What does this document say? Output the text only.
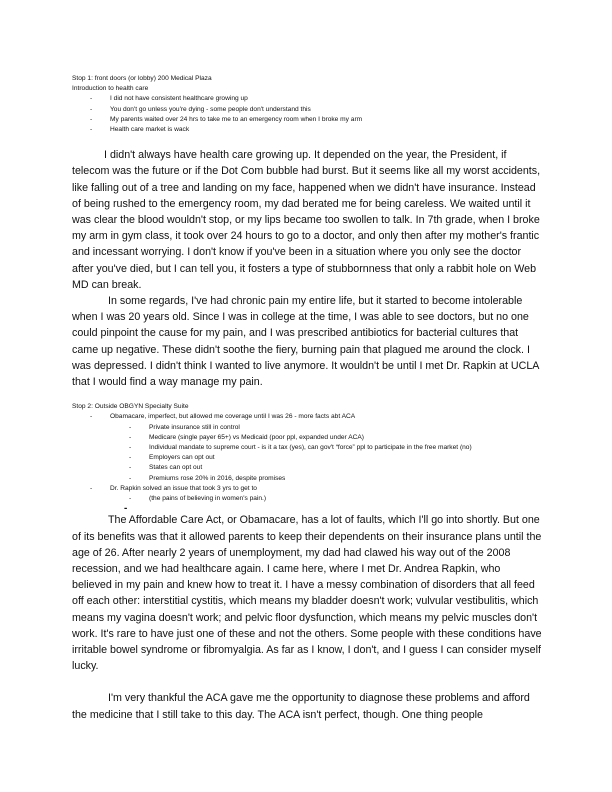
Stop 1: front doors (or lobby) 200 Medical Plaza
Introduction to health care
-	I did not have consistent healthcare growing up
-	You don't go unless you're dying - some people don't understand this
-	My parents waited over 24 hrs to take me to an emergency room when I broke my arm
-	Health care market is wack

I didn't always have health care growing up. It depended on the year, the President, if telecom was the future or if the Dot Com bubble had burst. But it seems like all my worst accidents, like falling out of a tree and landing on my face, happened when we didn't have insurance. Instead of being rushed to the emergency room, my dad berated me for being careless. We waited until it was clear the blood wouldn't stop, or my lips became too swollen to talk. In 7th grade, when I broke my arm in gym class, it took over 24 hours to go to a doctor, and only then after my mother's frantic and incessant worrying. I don't know if you've been in a situation where you only see the doctor after you've died, but I can tell you, it fosters a type of stubbornness that only a rabbit hole on Web MD can break.

In some regards, I've had chronic pain my entire life, but it started to become intolerable when I was 20 years old. Since I was in college at the time, I was able to see doctors, but no one could pinpoint the cause for my pain, and I was prescribed antibiotics for bacterial cultures that came up negative. These didn't soothe the fiery, burning pain that plagued me around the clock. I was depressed. I didn't think I wanted to live anymore. It wouldn't be until I met Dr. Rapkin at UCLA that I would find a way manage my pain.

Stop 2: Outside OBGYN Specialty Suite
-	Obamacare, imperfect, but allowed me coverage until I was 26 - more facts abt ACA
-	Private insurance still in control
-	Medicare (single payer 65+) vs Medicaid (poor ppl, expanded under ACA)
-	Individual mandate to supreme court - is it a tax (yes), can gov't “force” ppl to participate in the free market (no)
-	Employers can opt out
-	States can opt out
-	Premiums rose 20% in 2016, despite promises
-	Dr. Rapkin solved an issue that took 3 yrs to get to
-	(the pains of believing in women's pain.)
-

The Affordable Care Act, or Obamacare, has a lot of faults, which I'll go into shortly. But one of its benefits was that it allowed parents to keep their dependents on their insurance plans until the age of 26. After nearly 2 years of unemployment, my dad had clawed his way out of the 2008 recession, and we had healthcare again. I came here, where I met Dr. Andrea Rapkin, who believed in my pain and knew how to treat it. I have a messy combination of disorders that all feed off each other: interstitial cystitis, which means my bladder doesn't work; vulvular vestibulitis, which means my vagina doesn't work; and pelvic floor dysfunction, which means my pelvic muscles don't work. It's rare to have just one of these and not the others. Some people with these conditions have irritable bowel syndrome or fibromyalgia. As far as I know, I don't, and I guess I can consider myself lucky.

I'm very thankful the ACA gave me the opportunity to diagnose these problems and afford the medicine that I still take to this day. The ACA isn't perfect, though. One thing people
